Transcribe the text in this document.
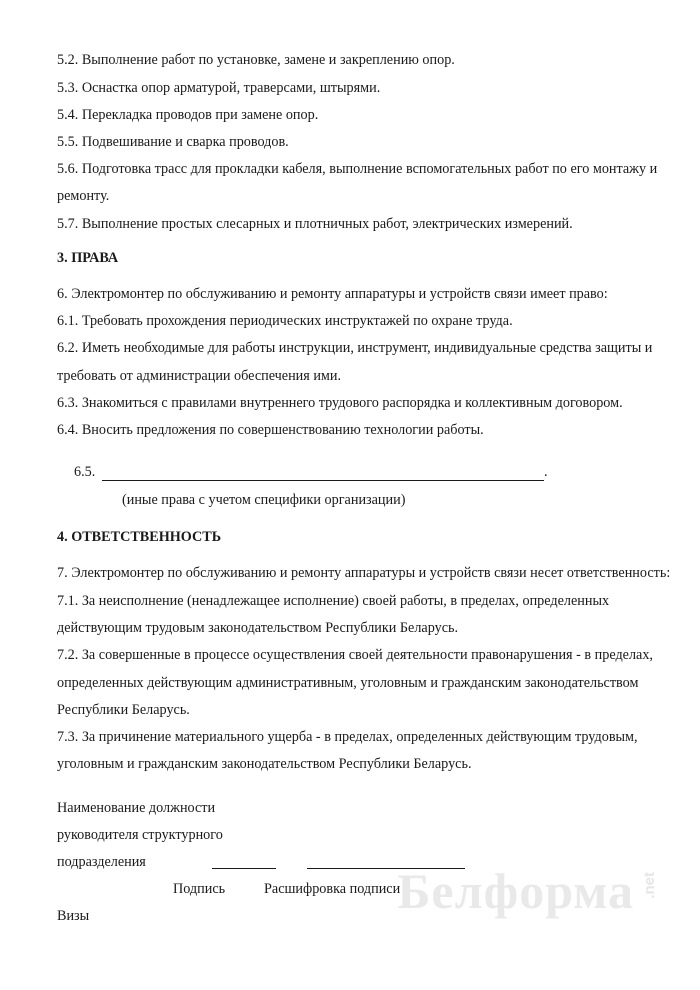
5.2. Выполнение работ по установке, замене и закреплению опор.
5.3. Оснастка опор арматурой, траверсами, штырями.
5.4. Перекладка проводов при замене опор.
5.5. Подвешивание и сварка проводов.
5.6. Подготовка трасс для прокладки кабеля, выполнение вспомогательных работ по его монтажу и
ремонту.
5.7. Выполнение простых слесарных и плотничных работ, электрических измерений.
3. ПРАВА
6. Электромонтер по обслуживанию и ремонту аппаратуры и устройств связи имеет право:
6.1. Требовать прохождения периодических инструктажей по охране труда.
6.2. Иметь необходимые для работы инструкции, инструмент, индивидуальные средства защиты и
требовать от администрации обеспечения ими.
6.3. Знакомиться с правилами внутреннего трудового распорядка и коллективным договором.
6.4. Вносить предложения по совершенствованию технологии работы.
6.5.	.
(иные права с учетом специфики организации)
4. ОТВЕТСТВЕННОСТЬ
7. Электромонтер по обслуживанию и ремонту аппаратуры и устройств связи несет ответственность:
7.1. За неисполнение (ненадлежащее исполнение) своей работы, в пределах, определенных
действующим трудовым законодательством Республики Беларусь.
7.2. За совершенные в процессе осуществления своей деятельности правонарушения - в пределах,
определенных действующим административным, уголовным и гражданским законодательством
Республики Беларусь.
7.3. За причинение материального ущерба - в пределах, определенных действующим трудовым,
уголовным и гражданским законодательством Республики Беларусь.
Наименование должности
руководителя структурного
подразделения
Подпись	Расшифровка подписи
Визы	Белформа .net
